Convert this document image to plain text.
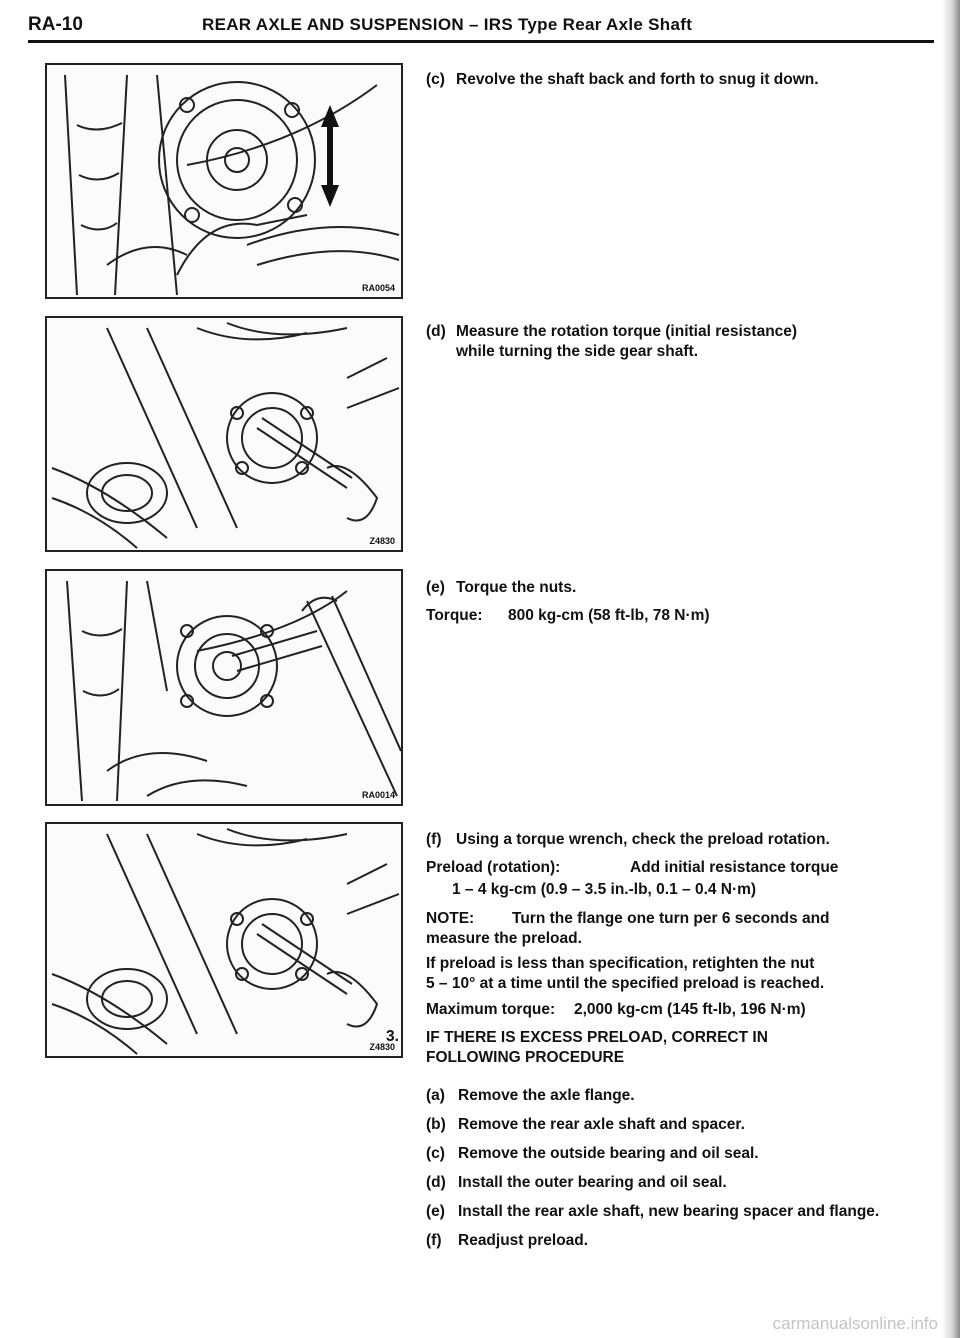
RA-10	REAR AXLE AND SUSPENSION – IRS Type Rear Axle Shaft
RA0054
Z4830
RA0014
Z4830
(c) Revolve the shaft back and forth to snug it down.
(d) Measure the rotation torque (initial resistance)
while turning the side gear shaft.
(e) Torque the nuts.
Torque: 800 kg-cm (58 ft-lb, 78 N·m)
(f) Using a torque wrench, check the preload rotation.
Preload (rotation):	Add initial resistance torque
1 – 4 kg-cm (0.9 – 3.5 in.-lb, 0.1 – 0.4 N·m)
NOTE: Turn the flange one turn per 6 seconds and
measure the preload.
If preload is less than specification, retighten the nut
5 – 10° at a time until the specified preload is reached.
Maximum torque: 2,000 kg-cm (145 ft-lb, 196 N·m)
3. IF THERE IS EXCESS PRELOAD, CORRECT IN
FOLLOWING PROCEDURE
(a) Remove the axle flange.
(b) Remove the rear axle shaft and spacer.
(c) Remove the outside bearing and oil seal.
(d) Install the outer bearing and oil seal.
(e) Install the rear axle shaft, new bearing spacer and flange.
(f) Readjust preload.
carmanualsonline.info
